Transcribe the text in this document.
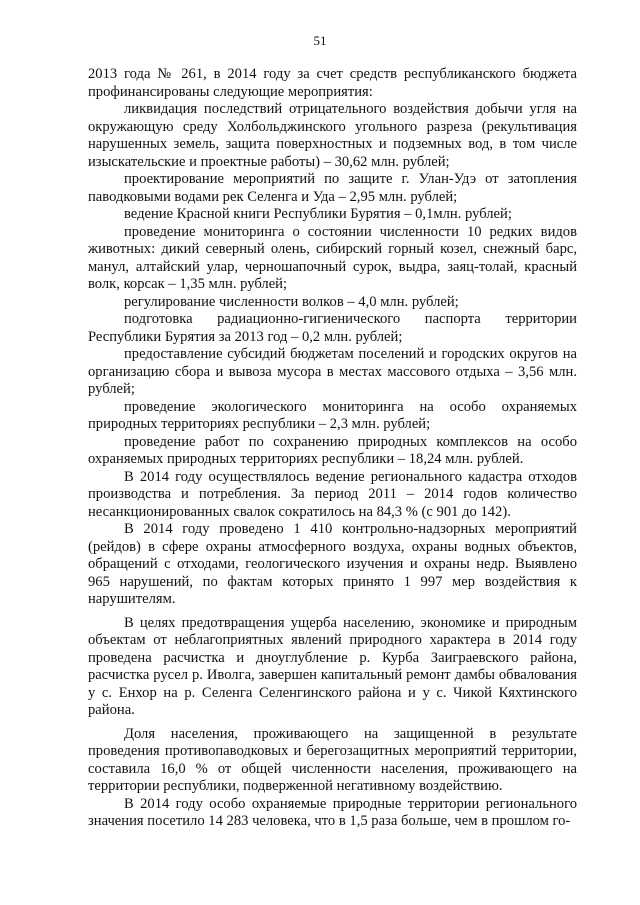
51

2013 года № 261, в 2014 году за счет средств республиканского бюджета профинансированы следующие мероприятия:

ликвидация последствий отрицательного воздействия добычи угля на окружающую среду Холбольджинского угольного разреза (рекультивация нарушенных земель, защита поверхностных и подземных вод, в том числе изыскательские и проектные работы) – 30,62 млн. рублей;

проектирование мероприятий по защите г. Улан-Удэ от затопления паводковыми водами рек Селенга и Уда – 2,95 млн. рублей;

ведение Красной книги Республики Бурятия – 0,1млн. рублей;

проведение мониторинга о состоянии численности 10 редких видов животных: дикий северный олень, сибирский горный козел, снежный барс, манул, алтайский улар, черношапочный сурок, выдра, заяц-толай, красный волк, корсак – 1,35 млн. рублей;

регулирование численности волков – 4,0 млн. рублей;

подготовка радиационно-гигиенического паспорта территории Республики Бурятия за 2013 год – 0,2 млн. рублей;

предоставление субсидий бюджетам поселений и городских округов на организацию сбора и вывоза мусора в местах массового отдыха – 3,56 млн. рублей;

проведение экологического мониторинга на особо охраняемых природных территориях республики – 2,3 млн. рублей;

проведение работ по сохранению природных комплексов на особо охраняемых природных территориях республики – 18,24 млн. рублей.

В 2014 году осуществлялось ведение регионального кадастра отходов производства и потребления. За период 2011 – 2014 годов количество несанкционированных свалок сократилось на 84,3 % (с 901 до 142).

В 2014 году проведено 1 410 контрольно-надзорных мероприятий (рейдов) в сфере охраны атмосферного воздуха, охраны водных объектов, обращений с отходами, геологического изучения и охраны недр. Выявлено 965 нарушений, по фактам которых принято 1 997 мер воздействия к нарушителям.

В целях предотвращения ущерба населению, экономике и природным объектам от неблагоприятных явлений природного характера в 2014 году проведена расчистка и дноуглубление р. Курба Заиграевского района, расчистка русел р. Иволга, завершен капитальный ремонт дамбы обвалования у с. Енхор на р. Селенга Селенгинского района и у с. Чикой Кяхтинского района.

Доля населения, проживающего на защищенной в результате проведения противопаводковых и берегозащитных мероприятий территории, составила 16,0 % от общей численности населения, проживающего на территории республики, подверженной негативному воздействию.

В 2014 году особо охраняемые природные территории регионального значения посетило 14 283 человека, что в 1,5 раза больше, чем в прошлом го-
